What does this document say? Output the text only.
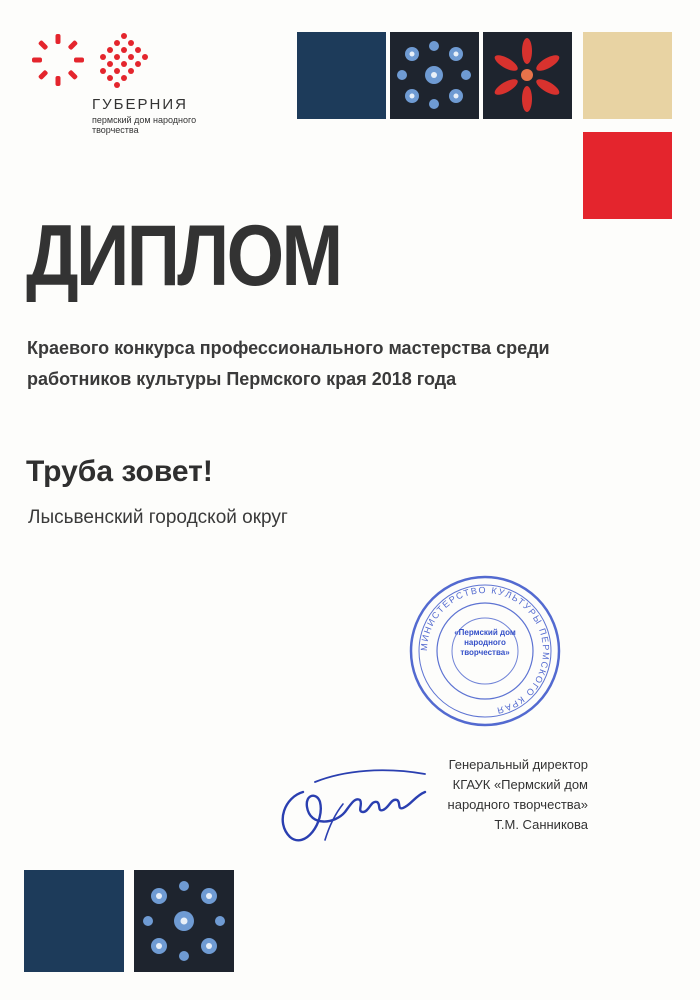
ГУБЕРНИЯ
пермский дом народного творчества
ДИПЛОМ
Краевого конкурса профессионального мастерства среди
работников культуры Пермского края 2018 года
Труба зовет!
Лысьвенский городской округ
МИНИСТЕРСТВО КУЛЬТУРЫ ПЕРМСКОГО КРАЯ
«Пермский дом народного творчества»
Генеральный директор
КГАУК «Пермский дом
народного творчества»
Т.М. Санникова
